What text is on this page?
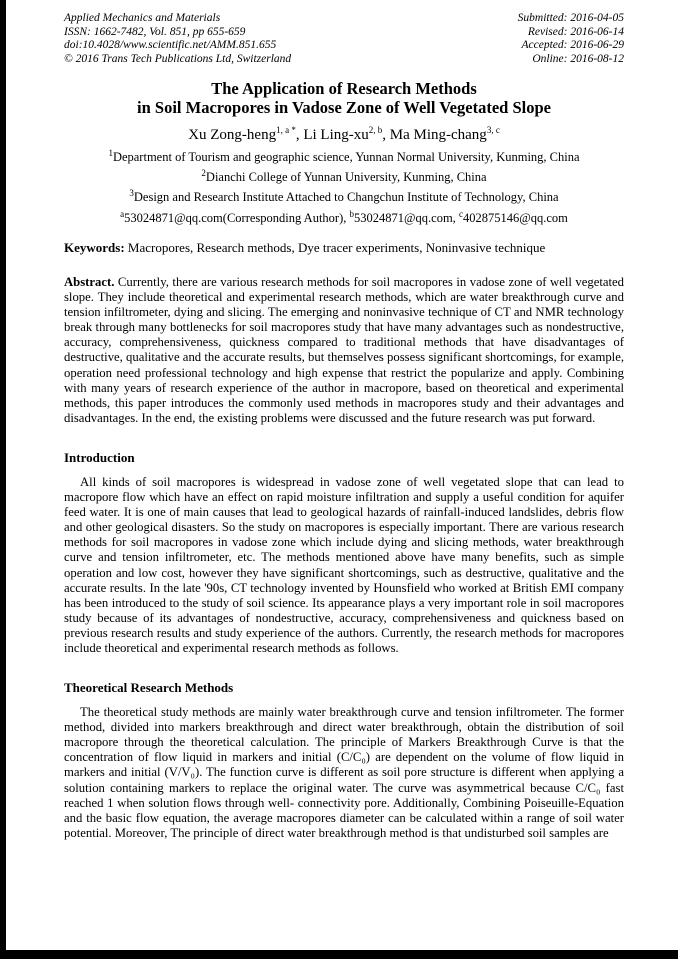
Applied Mechanics and Materials
ISSN: 1662-7482, Vol. 851, pp 655-659
doi:10.4028/www.scientific.net/AMM.851.655
© 2016 Trans Tech Publications Ltd, Switzerland
Submitted: 2016-04-05
Revised: 2016-06-14
Accepted: 2016-06-29
Online: 2016-08-12
The Application of Research Methods
in Soil Macropores in Vadose Zone of Well Vegetated Slope
Xu Zong-heng$^{1, a *}$, Li Ling-xu$^{2, b}$, Ma Ming-chang$^{3, c}$
$^1$Department of Tourism and geographic science, Yunnan Normal University, Kunming, China
$^2$Dianchi College of Yunnan University, Kunming, China
$^3$Design and Research Institute Attached to Changchun Institute of Technology, China
$^a$53024871@qq.com(Corresponding Author), $^b$53024871@qq.com, $^c$402875146@qq.com

Keywords: Macropores, Research methods, Dye tracer experiments, Noninvasive technique

Abstract. Currently, there are various research methods for soil macropores in vadose zone of well vegetated slope. They include theoretical and experimental research methods, which are water breakthrough curve and tension infiltrometer, dying and slicing. The emerging and noninvasive technique of CT and NMR technology break through many bottlenecks for soil macropores study that have many advantages such as nondestructive, accuracy, comprehensiveness, quickness compared to traditional methods that have disadvantages of destructive, qualitative and the accurate results, but themselves possess significant shortcomings, for example, operation need professional technology and high expense that restrict the popularize and apply. Combining with many years of research experience of the author in macropore, based on theoretical and experimental methods, this paper introduces the commonly used methods in macropores study and their advantages and disadvantages. In the end, the existing problems were discussed and the future research was put forward.

Introduction

All kinds of soil macropores is widespread in vadose zone of well vegetated slope that can lead to macropore flow which have an effect on rapid moisture infiltration and supply a useful condition for aquifer feed water. It is one of main causes that lead to geological hazards of rainfall-induced landslides, debris flow and other geological disasters. So the study on macropores is especially important. There are various research methods for soil macropores in vadose zone which include dying and slicing methods, water breakthrough curve and tension infiltrometer, etc. The methods mentioned above have many benefits, such as simple operation and low cost, however they have significant shortcomings, such as destructive, qualitative and the accurate results. In the late '90s, CT technology invented by Hounsfield who worked at British EMI company has been introduced to the study of soil science. Its appearance plays a very important role in soil macropores study because of its advantages of nondestructive, accuracy, comprehensiveness and quickness based on previous research results and study experience of the authors. Currently, the research methods for macropores include theoretical and experimental research methods as follows.

Theoretical Research Methods

The theoretical study methods are mainly water breakthrough curve and tension infiltrometer. The former method, divided into markers breakthrough and direct water breakthrough, obtain the distribution of soil macropore through the theoretical calculation. The principle of Markers Breakthrough Curve is that the concentration of flow liquid in markers and initial (C/C₀) are dependent on the volume of flow liquid in markers and initial (V/V₀). The function curve is different as soil pore structure is different when applying a solution containing markers to replace the original water. The curve was asymmetrical because C/C₀ fast reached 1 when solution flows through well- connectivity pore. Additionally, Combining Poiseuille-Equation and the basic flow equation, the average macropores diameter can be calculated within a range of soil water potential. Moreover, The principle of direct water breakthrough method is that undisturbed soil samples are
